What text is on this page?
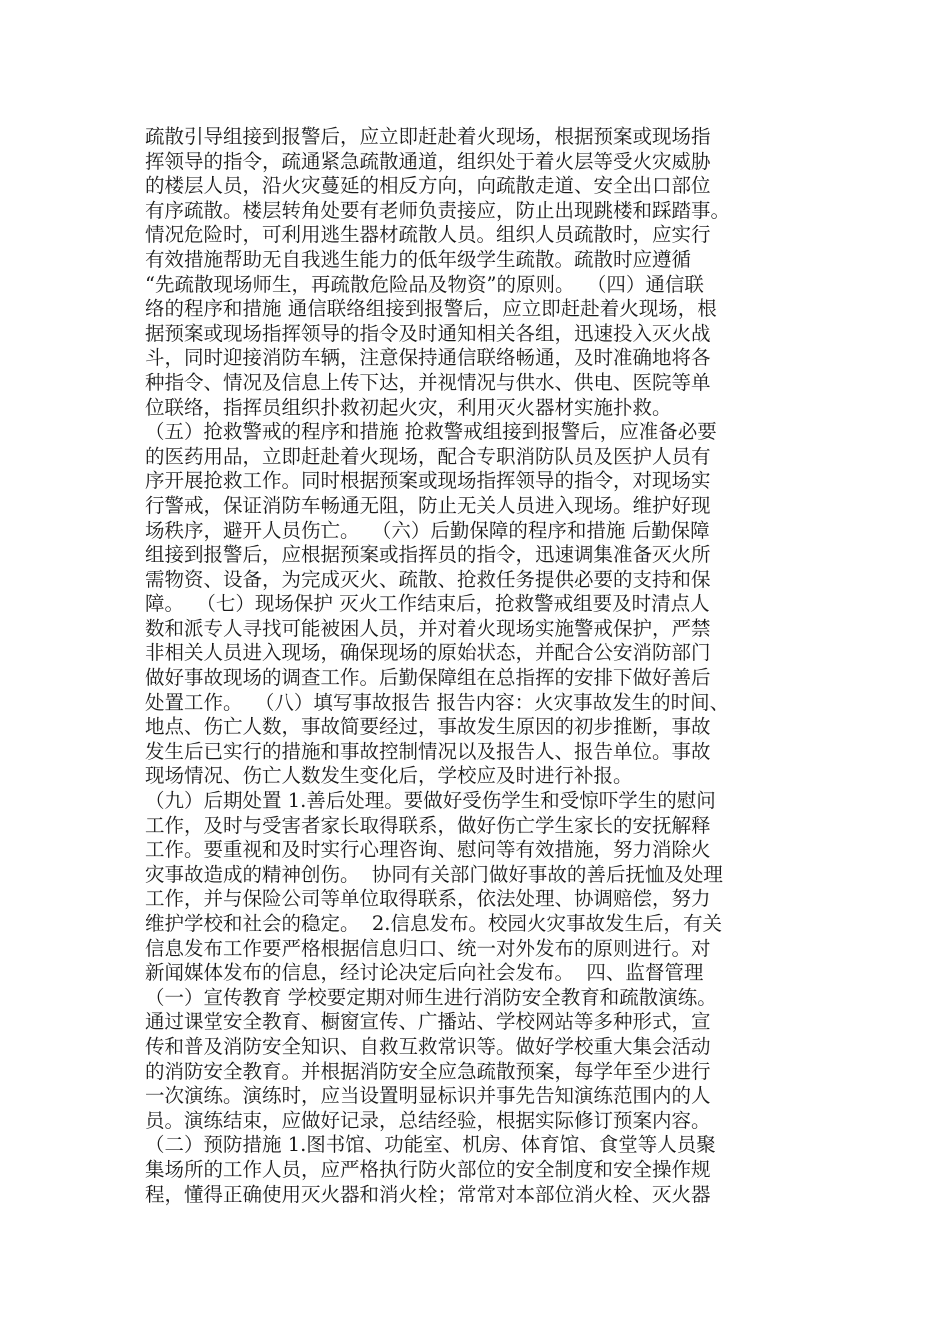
疏散引导组接到报警后，应立即赶赴着火现场，根据预案或现场指
挥领导的指令，疏通紧急疏散通道，组织处于着火层等受火灾威胁
的楼层人员，沿火灾蔓延的相反方向，向疏散走道、安全出口部位
有序疏散。楼层转角处要有老师负责接应，防止出现跳楼和踩踏事。
情况危险时，可利用逃生器材疏散人员。组织人员疏散时，应实行
有效措施帮助无自我逃生能力的低年级学生疏散。疏散时应遵循
“先疏散现场师生，再疏散危险品及物资”的原则。  （四）通信联
络的程序和措施 通信联络组接到报警后，应立即赶赴着火现场，根
据预案或现场指挥领导的指令及时通知相关各组，迅速投入灭火战
斗，同时迎接消防车辆，注意保持通信联络畅通，及时准确地将各
种指令、情况及信息上传下达，并视情况与供水、供电、医院等单
位联络，指挥员组织扑救初起火灾，利用灭火器材实施扑救。
（五）抢救警戒的程序和措施 抢救警戒组接到报警后，应准备必要
的医药用品，立即赶赴着火现场，配合专职消防队员及医护人员有
序开展抢救工作。同时根据预案或现场指挥领导的指令，对现场实
行警戒，保证消防车畅通无阻，防止无关人员进入现场。维护好现
场秩序，避开人员伤亡。  （六）后勤保障的程序和措施 后勤保障
组接到报警后，应根据预案或指挥员的指令，迅速调集准备灭火所
需物资、设备，为完成灭火、疏散、抢救任务提供必要的支持和保
障。  （七）现场保护 灭火工作结束后，抢救警戒组要及时清点人
数和派专人寻找可能被困人员，并对着火现场实施警戒保护，严禁
非相关人员进入现场，确保现场的原始状态，并配合公安消防部门
做好事故现场的调查工作。后勤保障组在总指挥的安排下做好善后
处置工作。  （八）填写事故报告 报告内容：火灾事故发生的时间、
地点、伤亡人数，事故简要经过，事故发生原因的初步推断，事故
发生后已实行的措施和事故控制情况以及报告人、报告单位。事故
现场情况、伤亡人数发生变化后，学校应及时进行补报。
（九）后期处置 1.善后处理。要做好受伤学生和受惊吓学生的慰问
工作，及时与受害者家长取得联系，做好伤亡学生家长的安抚解释
工作。要重视和及时实行心理咨询、慰问等有效措施，努力消除火
灾事故造成的精神创伤。  协同有关部门做好事故的善后抚恤及处理
工作，并与保险公司等单位取得联系，依法处理、协调赔偿，努力
维护学校和社会的稳定。  2.信息发布。校园火灾事故发生后，有关
信息发布工作要严格根据信息归口、统一对外发布的原则进行。对
新闻媒体发布的信息，经讨论决定后向社会发布。  四、监督管理
（一）宣传教育 学校要定期对师生进行消防安全教育和疏散演练。
通过课堂安全教育、橱窗宣传、广播站、学校网站等多种形式，宣
传和普及消防安全知识、自救互救常识等。做好学校重大集会活动
的消防安全教育。并根据消防安全应急疏散预案，每学年至少进行
一次演练。演练时，应当设置明显标识并事先告知演练范围内的人
员。演练结束，应做好记录，总结经验，根据实际修订预案内容。
（二）预防措施 1.图书馆、功能室、机房、体育馆、食堂等人员聚
集场所的工作人员，应严格执行防火部位的安全制度和安全操作规
程，懂得正确使用灭火器和消火栓；常常对本部位消火栓、灭火器
